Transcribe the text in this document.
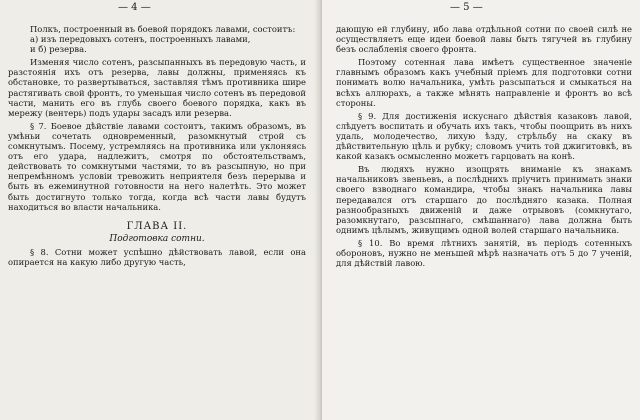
— 4 —

Полкъ, построенный въ боевой порядокъ лавами, состоитъ:

а) изъ передовыхъ сотенъ, построенныхъ лавами,

и б) резерва.

Изменяя число сотенъ, разсыпанныхъ въ передовую часть, и разстоянія ихъ отъ резерва, лавы должны, применяясь къ обстановке, то развертываться, заставляя тѣмъ противника шире растягивать свой фронтъ, то уменьшая число сотенъ въ передовой части, манить его въ глубь своего боевого порядка, какъ въ мережу (вентерь) подъ удары засадъ или резерва.

§ 7. Боевое дѣйствіе лавами состоитъ, такимъ образомъ, въ умѣньи сочетать одновременный, разомкнутый строй съ сомкнутымъ. Посему, устремляясь на противника или уклоняясь отъ его удара, надлежитъ, смотря по обстоятельствамъ, действовать то сомкнутыми частями, то въ разсыпную, но при непремѣнномъ условіи тревожить неприятеля безъ перерыва и быть въ ежеминутной готовности на него налетѣть. Это может быть достигнуто только тогда, когда всѣ части лавы будутъ находиться во власти начальника.

ГЛАВА II.

Подготовка сотни.

§ 8. Сотни может успѣшно дѣйствовать лавой, если она опирается на какую либо другую часть,

— 5 —

дающую ей глубину, ибо лава отдѣльной сотни по своей силѣ не осуществляетъ еще идеи боевой лавы быть тягучей въ глубину безъ ослабленія своего фронта.

Поэтому сотенная лава имѣетъ существенное значеніе главнымъ образомъ какъ учебный пріемъ для подготовки сотни понимать волю начальника, умѣть разсыпаться и смыкаться на всѣхъ аллюрахъ, а также мѣнять направленіе и фронтъ во всѣ стороны.

§ 9. Для достиженія искуснаго дѣйствія казаковъ лавой, слѣдуетъ воспитать и обучать ихъ такъ, чтобы поощрить въ нихъ удаль, молодечество, лихую ѣзду, стрѣльбу на скаку въ дѣйствительную цѣль и рубку; словомъ учить той джигитовкѣ, въ какой казакъ осмысленно можетъ гарцовать на конѣ.

Въ людяхъ нужно изощрять вниманіе къ знакамъ начальниковъ звеньевъ, а послѣднихъ пріучить принимать знаки своего взводнаго командира, чтобы знакъ начальника лавы передавался отъ старшаго до послѣдняго казака. Полная разнообразныхъ движеній и даже отрывовъ (сомкнутаго, разомкнутаго, разсыпнаго, смѣшаннаго) лава должна быть однимъ цѣлымъ, живущимъ одной волей старшаго начальника.

§ 10. Во время лѣтнихъ занятій, въ періодъ сотенныхъ обороновъ, нужно не меньшей мѣрѣ назначать отъ 5 до 7 ученій, для дѣйствій лавою.
